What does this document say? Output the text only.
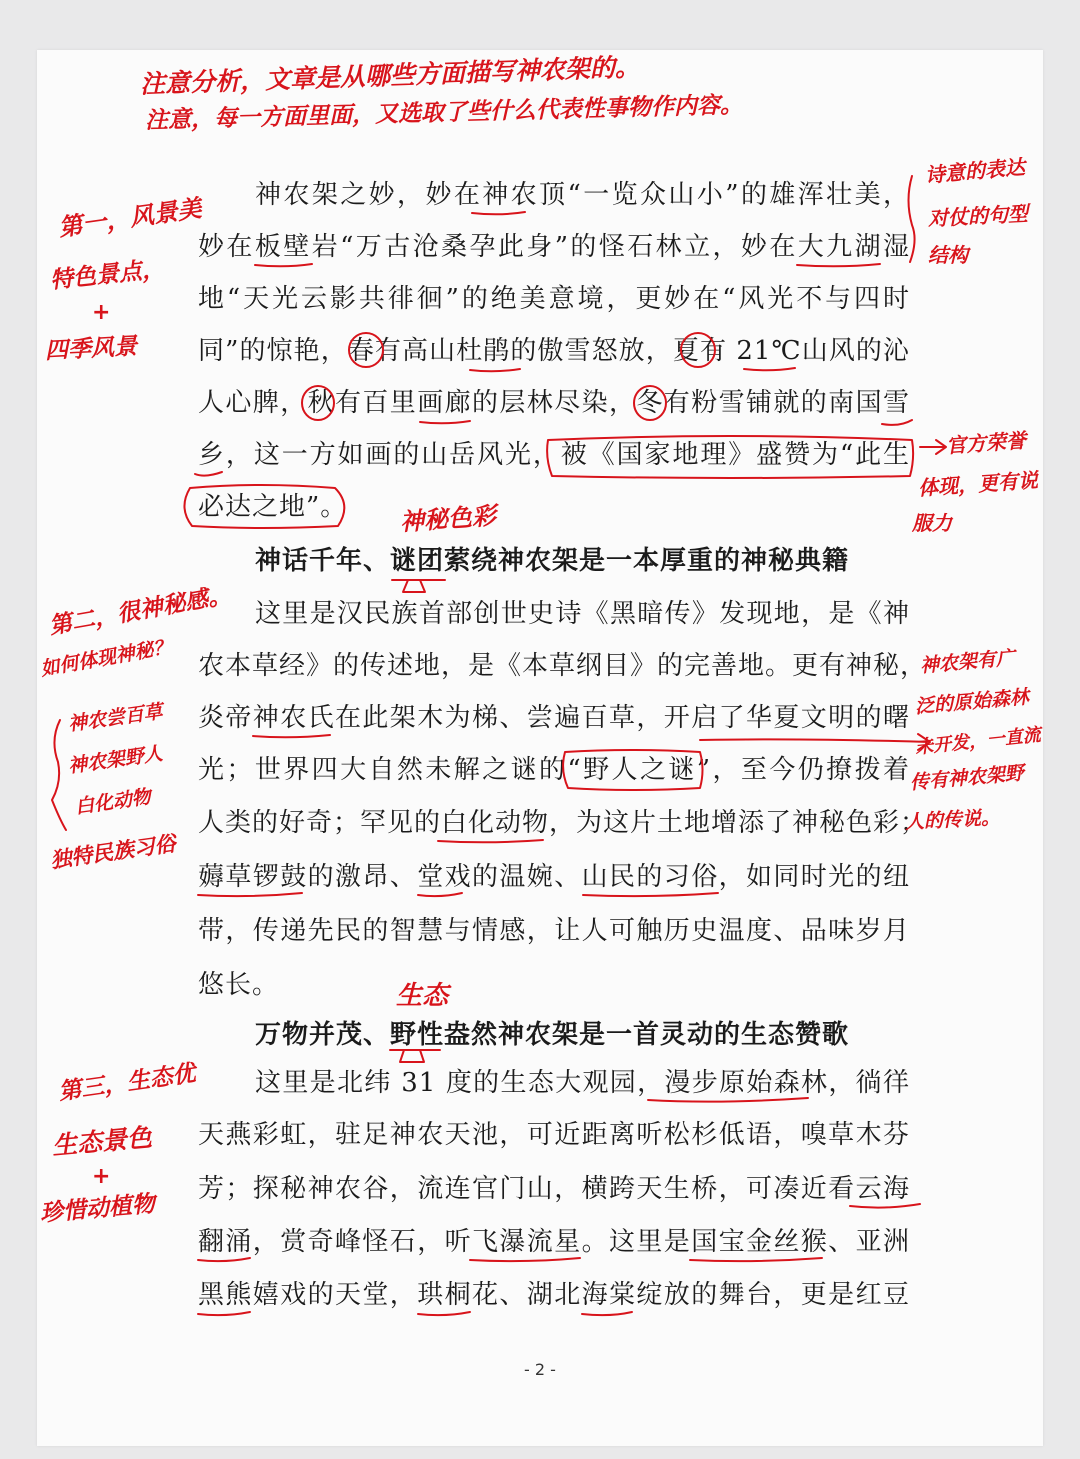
神农架之妙，妙在神农顶“一览众山小”的雄浑壮美，
妙在板壁岩“万古沧桑孕此身”的怪石林立，妙在大九湖湿
地“天光云影共徘徊”的绝美意境，更妙在“风光不与四时
同”的惊艳，春有高山杜鹃的傲雪怒放，夏有 21℃山风的沁
人心脾，秋有百里画廊的层林尽染，冬有粉雪铺就的南国雪
乡，这一方如画的山岳风光，被《国家地理》盛赞为“此生
必达之地”。
神话千年、谜团萦绕神农架是一本厚重的神秘典籍
这里是汉民族首部创世史诗《黑暗传》发现地，是《神
农本草经》的传述地，是《本草纲目》的完善地。更有神秘，
炎帝神农氏在此架木为梯、尝遍百草，开启了华夏文明的曙
光；世界四大自然未解之谜的“野人之谜”，至今仍撩拨着
人类的好奇；罕见的白化动物，为这片土地增添了神秘色彩；
薅草锣鼓的激昂、堂戏的温婉、山民的习俗，如同时光的纽
带，传递先民的智慧与情感，让人可触历史温度、品味岁月
悠长。
万物并茂、野性盎然神农架是一首灵动的生态赞歌
这里是北纬 31 度的生态大观园，漫步原始森林，徜徉
天燕彩虹，驻足神农天池，可近距离听松杉低语，嗅草木芬
芳；探秘神农谷，流连官门山，横跨天生桥，可凑近看云海
翻涌，赏奇峰怪石，听飞瀑流星。这里是国宝金丝猴、亚洲
黑熊嬉戏的天堂，珙桐花、湖北海棠绽放的舞台，更是红豆
- 2 -
注意分析，文章是从哪些方面描写神农架的。
注意，每一方面里面，又选取了些什么代表性事物作内容。
第一，风景美
特色景点，
+
四季风景
诗意的表达
对仗的句型
结构
官方荣誉
体现，更有说
服力
神秘色彩
第二，很神秘感。
如何体现神秘？
神农尝百草
神农架野人
白化动物
独特民族习俗
神农架有广
泛的原始森林
未开发，一直流
传有神农架野
人的传说。
生态
第三，生态优
生态景色
+
珍惜动植物
